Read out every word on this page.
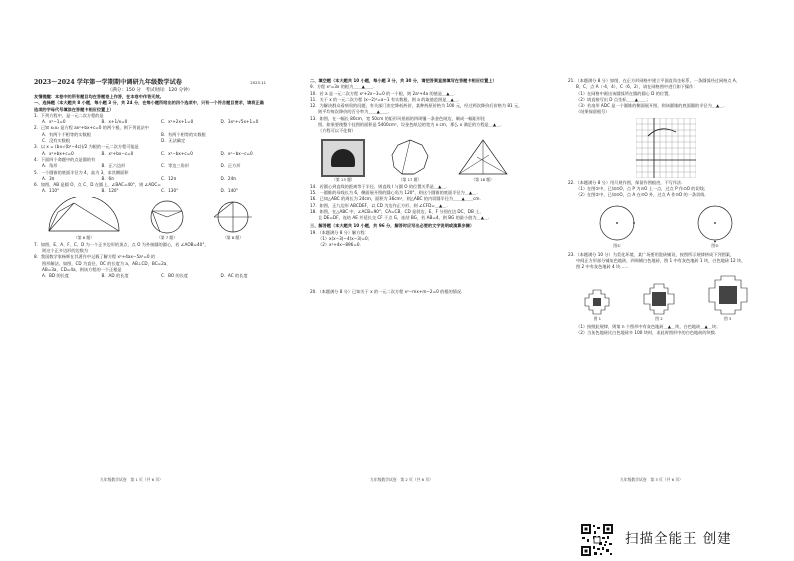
2023～2024 学年第一学期期中调研九年级数学试卷	2023.11
（满分：150 分　考试时间：120 分钟）
友情提醒：本卷中的所有题目均在答题卷上作答，在本卷中作答无效。
一、选择题（本大题共 8 小题，每小题 3 分，共 24 分，在每小题所给出的四个选项中，只有一个符合题目要求，请将正确选项的字母代号填涂在答题卡相应位置上）
1．下列方程中，是一元二次方程的是
A．x²−1=0	B．x+1/x=0	C．x²+2x+1=0	D．3x²+√5x+1=0
2．已知 x₁x₂ 是方程 ax²+bx+c=0 的两个根，则下列说法中
A．有两个不相等的实数根	B．有两个相等的实数根
C．没有实数根	D．无法确定
3．以 x = (b±√(b²−4c))/2 为根的一元二次方程可能是
A．x²+bx+c=0	B．x²+bx−c=0	C．x²−bx+c=0	D．x²−bx−c=0
4．下面四个命题中的点是圆的有
A．角形	B．正六边形	C．等边三角形	D．正方形
5．一个圆锥的底面半径为 4，高为 3，求其侧面积
A．3π	B．6π	C．12π	D．24π
6．如图，AB 是圆 O，点 C、D 在圆上，∠BAC=40°，则 ∠ADC=
A．110°	B．120°	C．130°	D．140°
（第 6 题）	（第 7 题）	（第 8 题）
7．如图，E、A、F、C、D 为一个正多边形的顶点，点 O 为外接圆的圆心，若 ∠AOB=40°，
则这个正多边形的边数为
8．我国数学家杨辉在其著作中记载了解方程 x²+4ax−5a²=0 的
图形解法。如图，CD 为直径，OC 的长度为 a，AB⊥CD，BC=2a，
AB=3a，CD=4a，则该方程的一个正根是
A．BD 的长度	B．AD 的长度	C．BO 的长度	D．AC 的长度
九年级数学试卷　第 1 页（共 6 页）
二、填空题（本大题共 10 小题，每小题 3 分，共 30 分，请把答案直接填写在答题卡相应位置上）
9．方程 x²=3x 的根为＿＿▲＿＿．
10．若 a 是一元二次方程 x²+2x−3=0 的一个根，则 2a²+4a 的值是＿▲＿．
11．关于 x 的一元二次方程 (x−2)²=a−1 有实数根，则 a 的取值范围是＿▲＿．
12．为解决群众看病贵的问题，有关部门决定降低药价，某种药原价格为 100 元，经过两次降价后价格为 81 元，
则平均每次降价的百分率为＿＿▲＿＿．
13．如图，在一幅长 80cm、宽 50cm 的矩形风景画的四周镶一条金色纸边，制成一幅矩形挂
图，如果要使整个挂图的面积是 5400cm²，设金色纸边的宽为 x cm，那么 x 满足的方程是＿▲＿．
（方程可以不化简）
（第 13 题）	（第 17 题）	（第 18 题）
14．若圆心到直线的距离等于半径，则直线 l 与圆 O 的位置关系是＿▲＿．
15．一圆锥的母线长为 6，侧面展开图的圆心角为 120°，则这个圆锥的底面半径为＿▲＿．
16．已知△ABC 的周长为 24cm，面积为 36cm²，则△ABC 的内切圆半径为＿＿▲＿＿cm．
17．如图，正九边形 ABCDEF，以 CD 为边作正方形，则 ∠CFD=＿▲＿．
18．如图，在△ABC 中，∠ACB=90°，CA=CB，CD 是斜边，E、F 分别在边 DC、DB 上，
且 DE=DF，连结 AE 并延长交 CF 于点 G，连结 BG，若 AB=4，则 BG 的最小值为＿▲＿．
三、解答题（本大题共 10 小题，共 96 分，解答时应写出必要的文字说明或演算步骤）
19．（本题满分 8 分）解方程：
（1）x(x−3)−4(x−3)=0；
（2）x²+4x−896=0．
20．（本题满分 8 分）已知关于 x 的一元二次方程 x²−mx+m−2=0 的根的情况．
九年级数学试卷　第 2 页（共 6 页）
21．（本题满分 8 分）如图，在正方形网格中建立平面直角坐标系，一条圆弧经过网格点 A、
B、C，点 A（-4，4），C（6，2），请在网格图中进行如下操作：
（1）在网格中画出该圆弧所在圆的圆心 D 的位置，
（2）请直接写出 D 点坐标＿＿▲＿＿；
（3）若扇形 ADC 是一个圆锥的侧面展开图，则该圆锥的底面圆的半径为＿▲＿．
（结果保留根号）
22．（本题满分 8 分）用尺规作图，保留作图痕迹，不写作法．
（1）在图①中，已知⊙O，点 P 为⊙O 上一点，过点 P 作⊙O 的切线；
（2）在图②中，已知⊙O，点 A 在⊙O 外，过点 A 作⊙O 的一条切线．
图①	图②
23．（本题满分 10 分）为美化环境，某广场要用瓷砖铺设，按图所示规律拼成下列图案，
中间正方形部分铺灰色地砖，四周铺白色地砖，图 1 中有灰色地砖 1 块，白色地砖 12 块，
图 2 中有灰色地砖 4 块……
图 1	图 2	图 3
（1）按照此规律，则第 n 个图形中有灰色地砖＿▲＿块，白色地砖＿▲＿块；
（2）当灰色地砖比白色地砖多 100 块时，求此时图形中的白色地砖的块数．
九年级数学试卷　第 3 页（共 6 页）
扫描全能王 创建
